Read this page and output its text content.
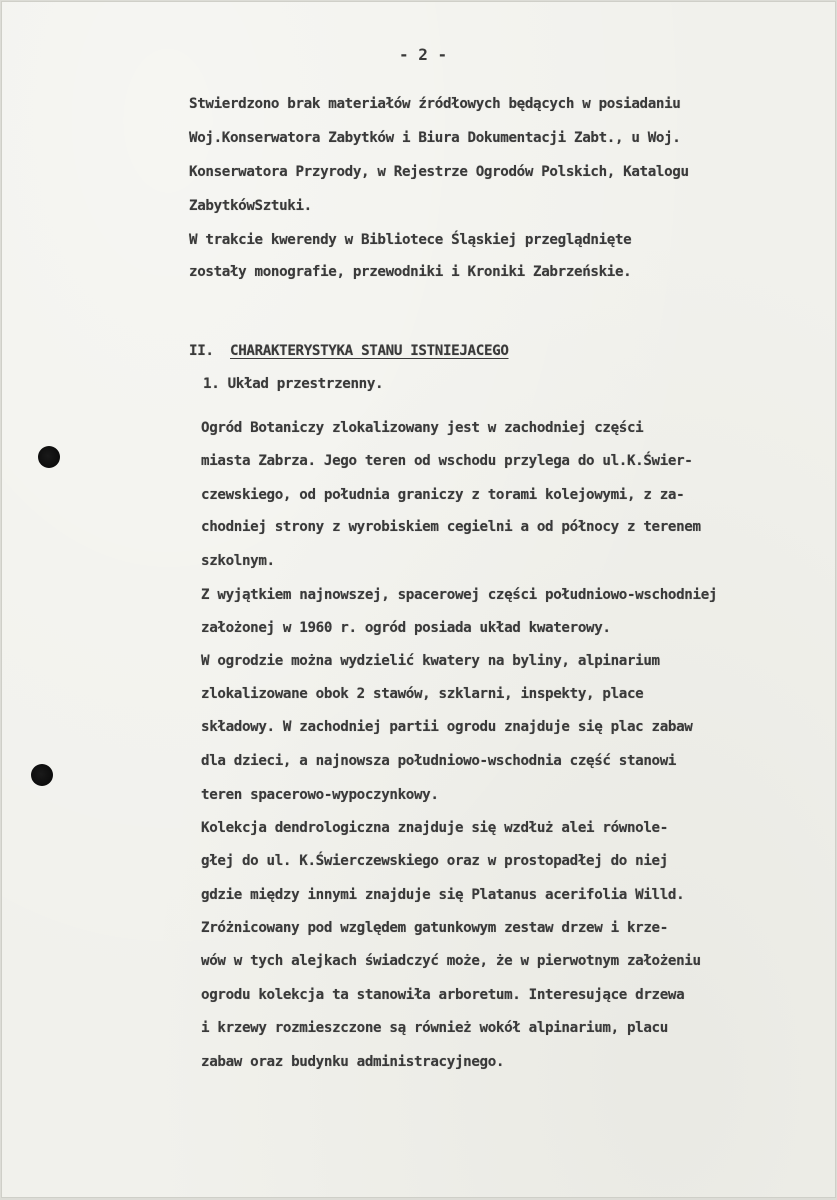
- 2 -
Stwierdzono brak materiałów źródłowych będących w posiadaniu
Woj.Konserwatora Zabytków i Biura Dokumentacji Zabt., u Woj.
Konserwatora Przyrody, w Rejestrze Ogrodów Polskich, Katalogu
ZabytkówSztuki.
W trakcie kwerendy w Bibliotece Śląskiej przeglądnięte
zostały monografie, przewodniki i Kroniki Zabrzeńskie.
II. CHARAKTERYSTYKA STANU ISTNIEJACEGO
1. Układ przestrzenny.
Ogród Botaniczy zlokalizowany jest w zachodniej części
miasta Zabrza. Jego teren od wschodu przylega do ul.K.Świer-
czewskiego, od południa graniczy z torami kolejowymi, z za-
chodniej strony z wyrobiskiem cegielni a od północy z terenem
szkolnym.
Z wyjątkiem najnowszej, spacerowej części południowo-wschodniej
założonej w 1960 r. ogród posiada układ kwaterowy.
W ogrodzie można wydzielić kwatery na byliny, alpinarium
zlokalizowane obok 2 stawów, szklarni, inspekty, place
składowy. W zachodniej partii ogrodu znajduje się plac zabaw
dla dzieci, a najnowsza południowo-wschodnia część stanowi
teren spacerowo-wypoczynkowy.
Kolekcja dendrologiczna znajduje się wzdłuż alei równole-
głej do ul. K.Świerczewskiego oraz w prostopadłej do niej
gdzie między innymi znajduje się Platanus acerifolia Willd.
Zróżnicowany pod względem gatunkowym zestaw drzew i krze-
wów w tych alejkach świadczyć może, że w pierwotnym założeniu
ogrodu kolekcja ta stanowiła arboretum. Interesujące drzewa
i krzewy rozmieszczone są również wokół alpinarium, placu
zabaw oraz budynku administracyjnego.
